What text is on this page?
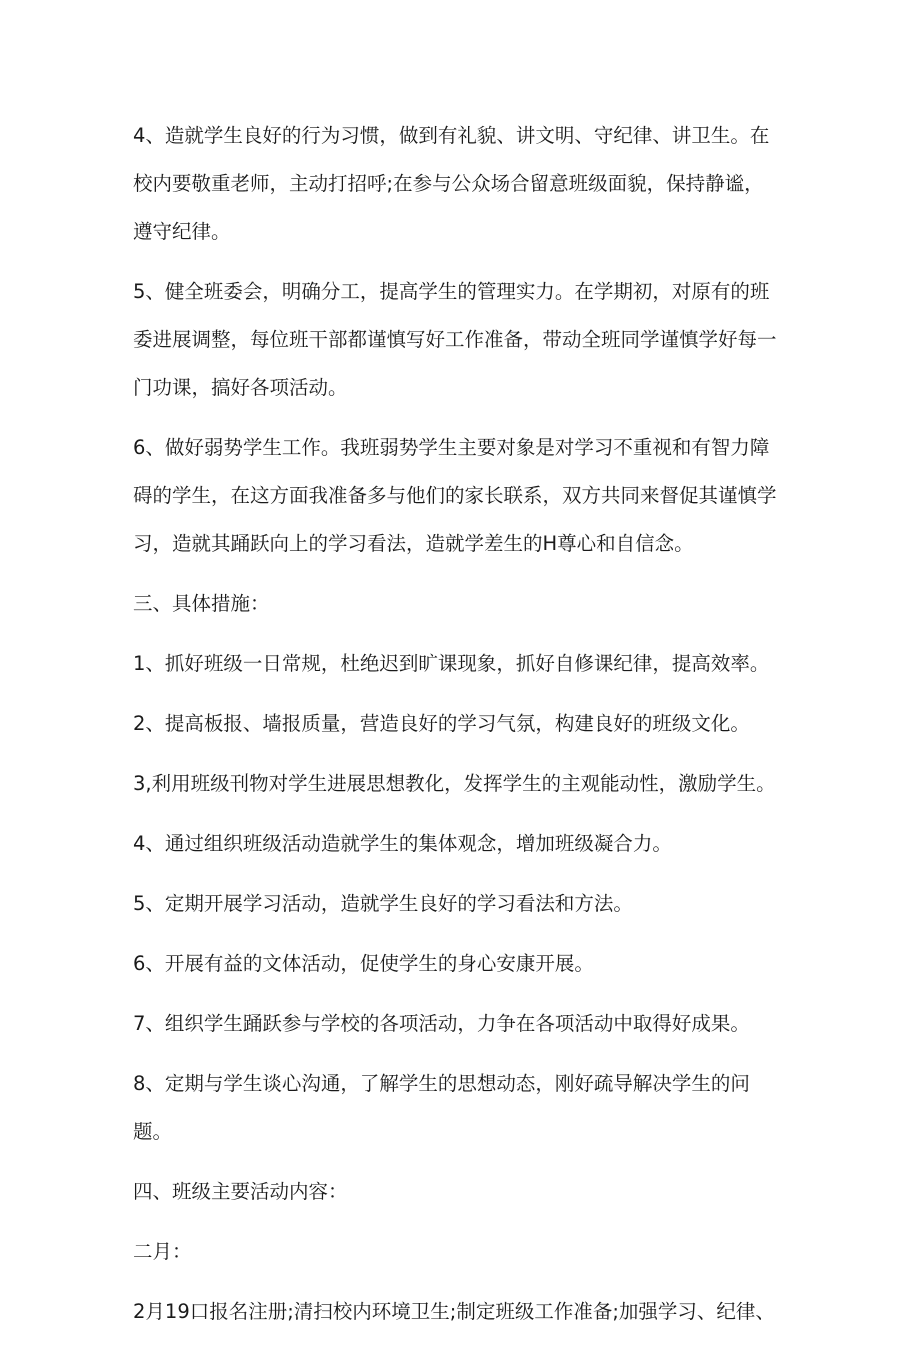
4、造就学生良好的行为习惯，做到有礼貌、讲文明、守纪律、讲卫生。在
校内要敬重老师，主动打招呼;在参与公众场合留意班级面貌，保持静谧，
遵守纪律。
5、健全班委会，明确分工，提高学生的管理实力。在学期初，对原有的班
委进展调整，每位班干部都谨慎写好工作准备，带动全班同学谨慎学好每一
门功课，搞好各项活动。
6、做好弱势学生工作。我班弱势学生主要对象是对学习不重视和有智力障
碍的学生，在这方面我准备多与他们的家长联系，双方共同来督促其谨慎学
习，造就其踊跃向上的学习看法，造就学差生的H尊心和自信念。
三、具体措施：
1、抓好班级一日常规，杜绝迟到旷课现象，抓好自修课纪律，提高效率。
2、提高板报、墙报质量，营造良好的学习气氛，构建良好的班级文化。
3,利用班级刊物对学生进展思想教化，发挥学生的主观能动性，激励学生。
4、通过组织班级活动造就学生的集体观念，增加班级凝合力。
5、定期开展学习活动，造就学生良好的学习看法和方法。
6、开展有益的文体活动，促使学生的身心安康开展。
7、组织学生踊跃参与学校的各项活动，力争在各项活动中取得好成果。
8、定期与学生谈心沟通，了解学生的思想动态，刚好疏导解决学生的问
题。
四、班级主要活动内容：
二月：
2月19口报名注册;清扫校内环境卫生;制定班级工作准备;加强学习、纪律、
